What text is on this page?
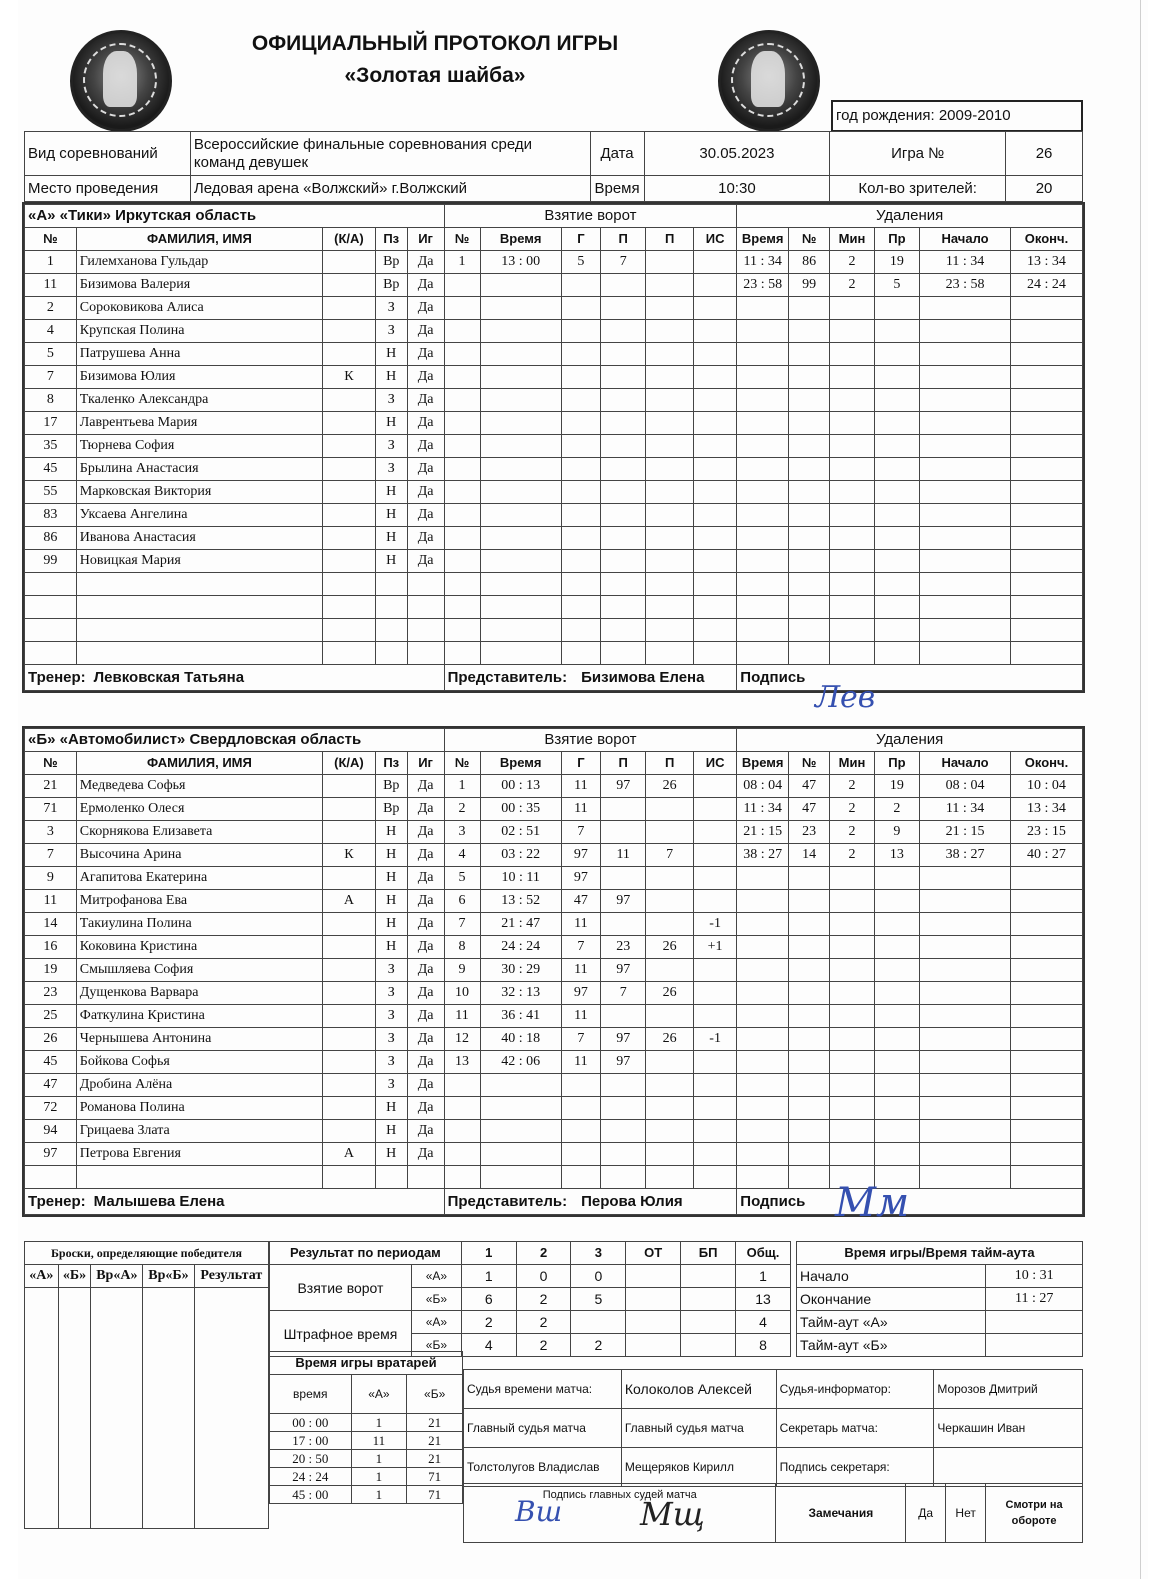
ОФИЦИАЛЬНЫЙ ПРОТОКОЛ ИГРЫ
«Золотая шайба»
год рождения: 2009-2010
Вид соревнований	Всероссийские финальные соревнования среди команд девушек	Дата	30.05.2023	Игра №	26
Место проведения	Ледовая арена «Волжский» г.Волжский	Время	10:30	Кол-во зрителей:	20
«А» «Тики» Иркутская область					Взятие ворот						Удаления					
№	ФАМИЛИЯ, ИМЯ	(К/А)	Пз	Иг	№	Время	Г	П	П	ИС	Время	№	Мин	Пр	Начало	Оконч.
1	Гилемханова Гульдар		Вр	Да	1	13 : 00	5	7			11 : 34	86	2	19	11 : 34	13 : 34
11	Бизимова Валерия		Вр	Да							23 : 58	99	2	5	23 : 58	24 : 24
2	Сороковикова Алиса		З	Да												
4	Крупская Полина		З	Да												
5	Патрушева Анна		Н	Да												
7	Бизимова Юлия	К	Н	Да												
8	Ткаленко Александра		З	Да												
17	Лаврентьева Мария		Н	Да												
35	Тюрнева София		З	Да												
45	Брылина Анастасия		З	Да												
55	Марковская Виктория		Н	Да												
83	Уксаева Ангелина		Н	Да												
86	Иванова Анастасия		Н	Да												
99	Новицкая Мария		Н	Да												

Тренер: Левковская Татьяна					Представитель: Бизимова Елена						Подпись					
«Б» «Автомобилист» Свердловская область					Взятие ворот						Удаления					
№	ФАМИЛИЯ, ИМЯ	(К/А)	Пз	Иг	№	Время	Г	П	П	ИС	Время	№	Мин	Пр	Начало	Оконч.
21	Медведева Софья		Вр	Да	1	00 : 13	11	97	26		08 : 04	47	2	19	08 : 04	10 : 04
71	Ермоленко Олеся		Вр	Да	2	00 : 35	11				11 : 34	47	2	2	11 : 34	13 : 34
3	Скорнякова Елизавета		Н	Да	3	02 : 51	7				21 : 15	23	2	9	21 : 15	23 : 15
7	Высочина Арина	К	Н	Да	4	03 : 22	97	11	7		38 : 27	14	2	13	38 : 27	40 : 27
9	Агапитова Екатерина		Н	Да	5	10 : 11	97									
11	Митрофанова Ева	А	Н	Да	6	13 : 52	47	97								
14	Такиулина Полина		Н	Да	7	21 : 47	11			-1						
16	Коковина Кристина		Н	Да	8	24 : 24	7	23	26	+1						
19	Смышляева София		З	Да	9	30 : 29	11	97								
23	Дущенкова Варвара		З	Да	10	32 : 13	97	7	26							
25	Фаткулина Кристина		З	Да	11	36 : 41	11									
26	Чернышева Антонина		З	Да	12	40 : 18	7	97	26	-1						
45	Бойкова Софья		З	Да	13	42 : 06	11	97								
47	Дробина Алёна		З	Да												
72	Романова Полина		Н	Да												
94	Грицаева Злата		Н	Да												
97	Петрова Евгения	А	Н	Да												

Тренер: Малышева Елена					Представитель: Перова Юлия						Подпись					
Лев
Мм
Броски, определяющие победителя				
«А»	«Б»	Вр«А»	Вр«Б»	Результат

Результат по периодам		1	2	3	ОТ	БП	Общ.
Взятие ворот	«А»	1	0	0			1
	«Б»	6	2	5			13
Штрафное время	«А»	2	2				4
	«Б»	4	2	2			8
Время игры/Время тайм-аута	
Начало	10 : 31
Окончание	11 : 27
Тайм-аут «А»	
Тайм-аут «Б»	
Время игры вратарей		
время	«А»	«Б»
00 : 00	1	21
17 : 00	11	21
20 : 50	1	21
24 : 24	1	71
45 : 00	1	71
Судья времени матча:	Колоколов Алексей	Судья-информатор:	Морозов Дмитрий
Главный судья матча	Главный судья матча	Секретарь матча:	Черкашин Иван
Толстолугов Владислав	Мещеряков Кирилл	Подпись секретаря:	
Подпись главных судей матча	Замечания	Да	Нет	Смотри на обороте
Вш Мщ
